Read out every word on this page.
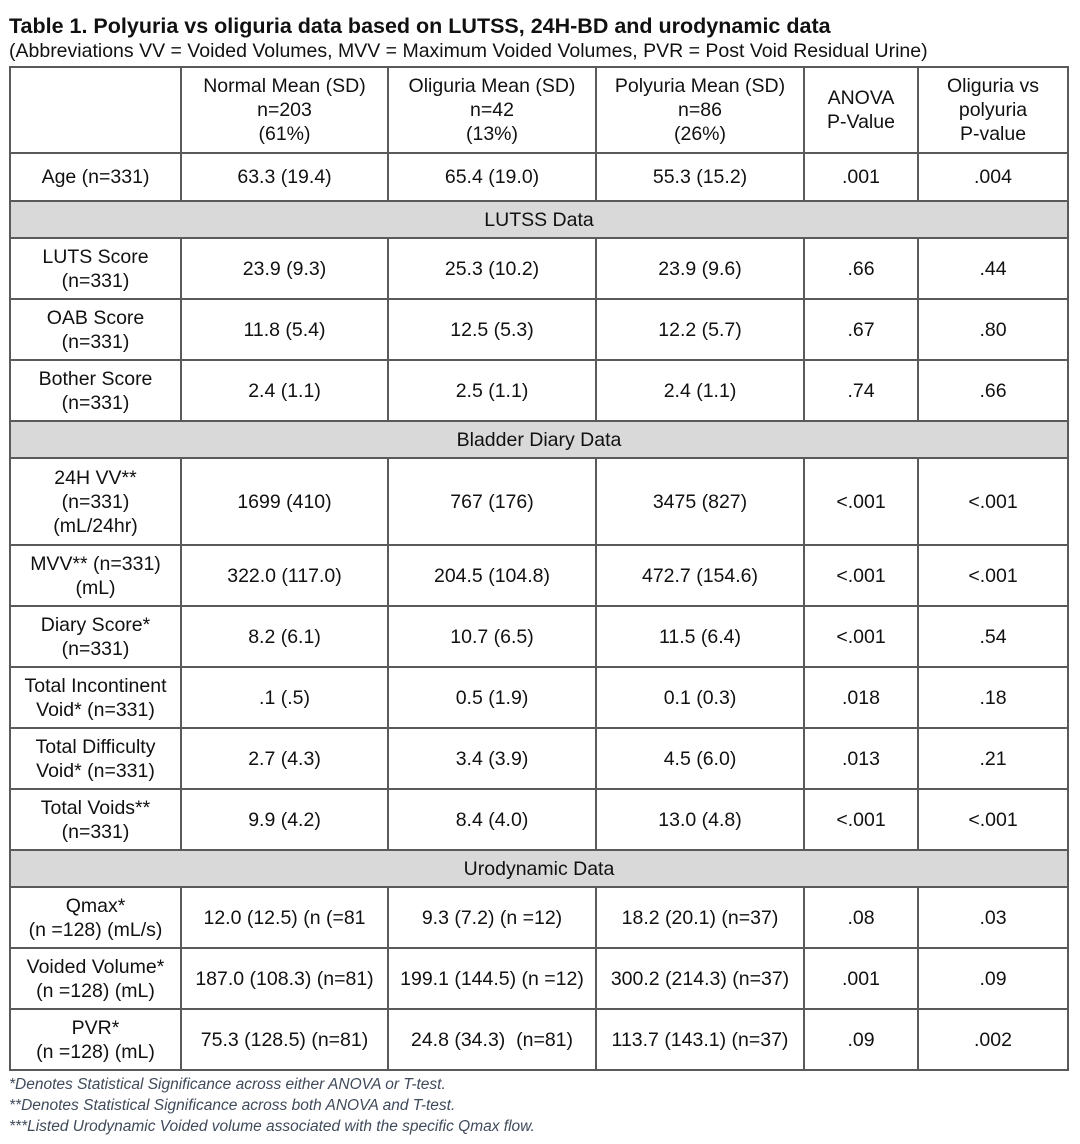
Table 1. Polyuria vs oliguria data based on LUTSS, 24H-BD and urodynamic data
(Abbreviations VV = Voided Volumes, MVV = Maximum Voided Volumes, PVR = Post Void Residual Urine)

	Normal Mean (SD)
n=203
(61%)	Oliguria Mean (SD)
n=42
(13%)	Polyuria Mean (SD)
n=86
(26%)	ANOVA
P-Value	Oliguria vs
polyuria
P-value

Age (n=331)	63.3 (19.4)	65.4 (19.0)	55.3 (15.2)	.001	.004
LUTSS Data					

LUTS Score
(n=331)	23.9 (9.3)	25.3 (10.2)	23.9 (9.6)	.66	.44

OAB Score
(n=331)	11.8 (5.4)	12.5 (5.3)	12.2 (5.7)	.67	.80

Bother Score
(n=331)	2.4 (1.1)	2.5 (1.1)	2.4 (1.1)	.74	.66
Bladder Diary Data					

24H VV**
(n=331)
(mL/24hr)	1699 (410)	767 (176)	3475 (827)	<.001	<.001

MVV** (n=331)
(mL)	322.0 (117.0)	204.5 (104.8)	472.7 (154.6)	<.001	<.001

Diary Score*
(n=331)	8.2 (6.1)	10.7 (6.5)	11.5 (6.4)	<.001	.54

Total Incontinent
Void* (n=331)	.1 (.5)	0.5 (1.9)	0.1 (0.3)	.018	.18

Total Difficulty
Void* (n=331)	2.7 (4.3)	3.4 (3.9)	4.5 (6.0)	.013	.21

Total Voids**
(n=331)	9.9 (4.2)	8.4 (4.0)	13.0 (4.8)	<.001	<.001
Urodynamic Data					

Qmax*
(n =128) (mL/s)	12.0 (12.5) (n (=81	9.3 (7.2) (n =12)	18.2 (20.1) (n=37)	.08	.03

Voided Volume*
(n =128) (mL)	187.0 (108.3) (n=81)	199.1 (144.5) (n =12)	300.2 (214.3) (n=37)	.001	.09

PVR*
(n =128) (mL)	75.3 (128.5) (n=81)	24.8 (34.3)  (n=81)	113.7 (143.1) (n=37)	.09	.002
*Denotes Statistical Significance across either ANOVA or T-test.
**Denotes Statistical Significance across both ANOVA and T-test.
***Listed Urodynamic Voided volume associated with the specific Qmax flow.
